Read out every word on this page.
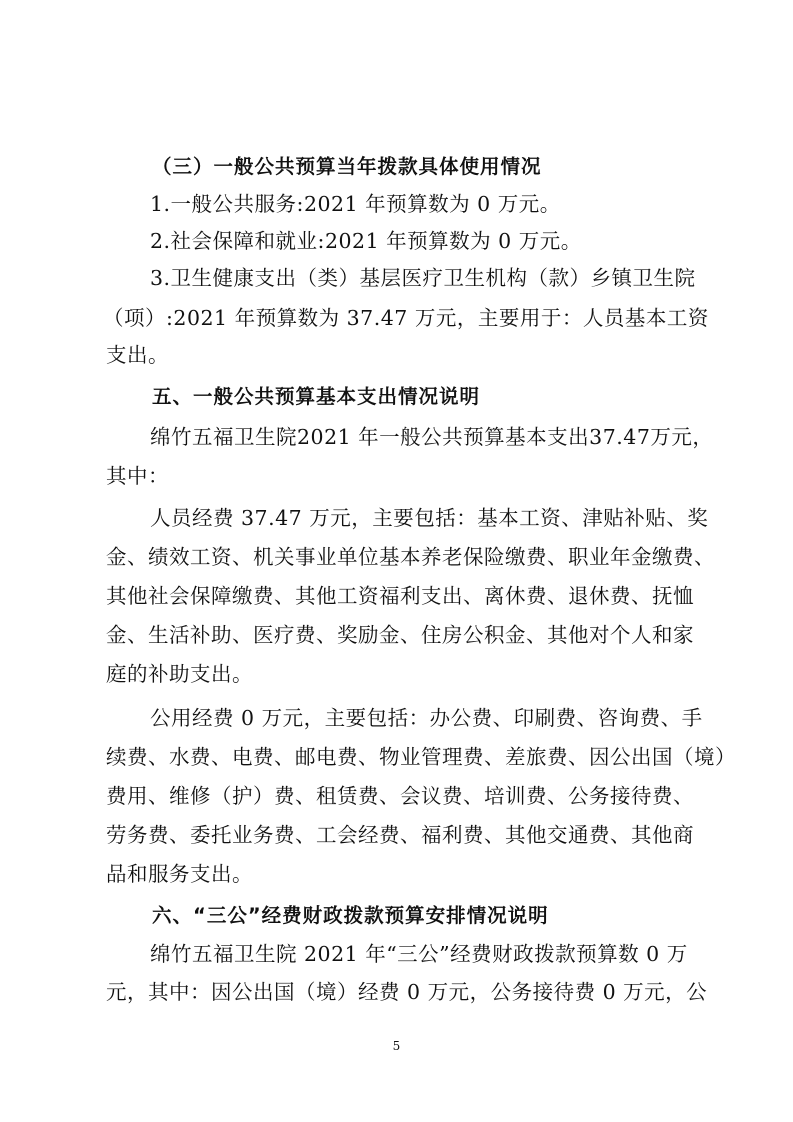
（三）一般公共预算当年拨款具体使用情况
1.一般公共服务:2021 年预算数为 0 万元。
2.社会保障和就业:2021 年预算数为 0 万元。
3.卫生健康支出（类）基层医疗卫生机构（款）乡镇卫生院
（项）:2021 年预算数为 37.47 万元，主要用于：人员基本工资
支出。
五、一般公共预算基本支出情况说明
绵竹五福卫生院2021 年一般公共预算基本支出37.47万元，
其中：
人员经费 37.47 万元，主要包括：基本工资、津贴补贴、奖
金、绩效工资、机关事业单位基本养老保险缴费、职业年金缴费、
其他社会保障缴费、其他工资福利支出、离休费、退休费、抚恤
金、生活补助、医疗费、奖励金、住房公积金、其他对个人和家
庭的补助支出。
公用经费 0 万元，主要包括：办公费、印刷费、咨询费、手
续费、水费、电费、邮电费、物业管理费、差旅费、因公出国（境）
费用、维修（护）费、租赁费、会议费、培训费、公务接待费、
劳务费、委托业务费、工会经费、福利费、其他交通费、其他商
品和服务支出。
六、“三公”经费财政拨款预算安排情况说明
绵竹五福卫生院 2021 年“三公”经费财政拨款预算数 0 万
元，其中：因公出国（境）经费 0 万元，公务接待费 0 万元，公
5
